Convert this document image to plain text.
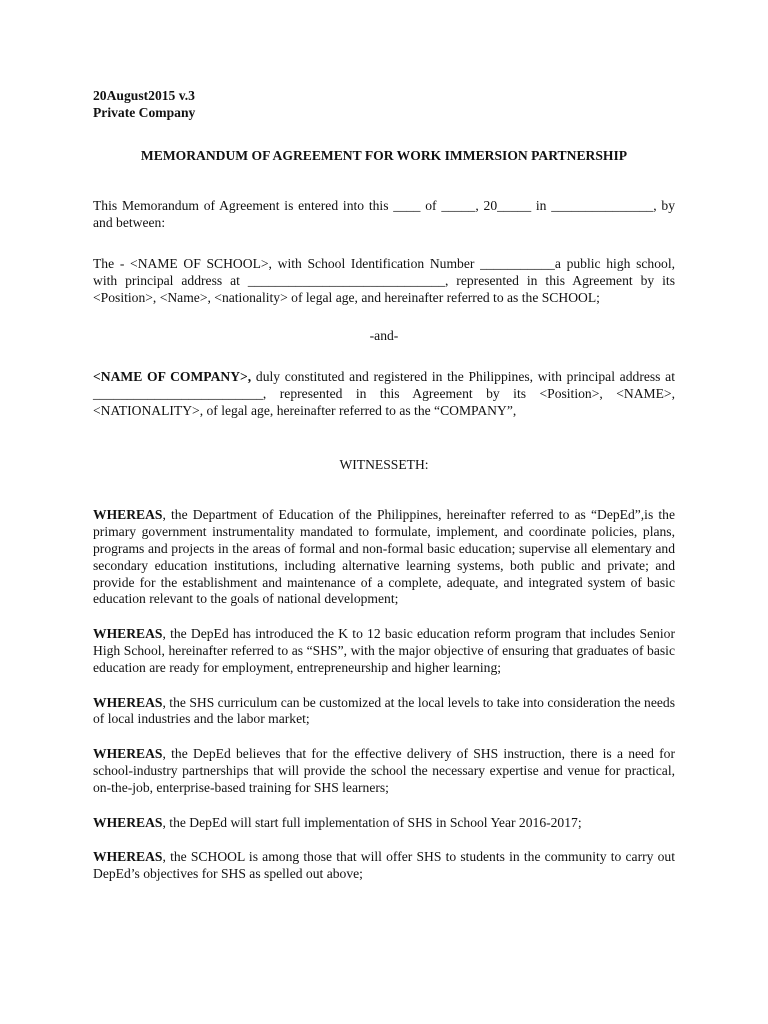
20August2015 v.3
Private Company
MEMORANDUM OF AGREEMENT FOR WORK IMMERSION PARTNERSHIP
This Memorandum of Agreement is entered into this ____ of _____, 20_____ in _______________, by and between:
The - <NAME OF SCHOOL>, with School Identification Number ___________a public high school, with principal address at _____________________________, represented in this Agreement by its <Position>, <Name>, <nationality> of legal age, and hereinafter referred to as the SCHOOL;
-and-
<NAME OF COMPANY>, duly constituted and registered in the Philippines, with principal address at _________________________, represented in this Agreement by its <Position>, <NAME>, <NATIONALITY>, of legal age, hereinafter referred to as the “COMPANY”,
WITNESSETH:
WHEREAS, the Department of Education of the Philippines, hereinafter referred to as “DepEd”,is the primary government instrumentality mandated to formulate, implement, and coordinate policies, plans, programs and projects in the areas of formal and non-formal basic education; supervise all elementary and secondary education institutions, including alternative learning systems, both public and private; and provide for the establishment and maintenance of a complete, adequate, and integrated system of basic education relevant to the goals of national development;
WHEREAS, the DepEd has introduced the K to 12 basic education reform program that includes Senior High School, hereinafter referred to as “SHS”, with the major objective of ensuring that graduates of basic education are ready for employment, entrepreneurship and higher learning;
WHEREAS, the SHS curriculum can be customized at the local levels to take into consideration the needs of local industries and the labor market;
WHEREAS, the DepEd believes that for the effective delivery of SHS instruction, there is a need for school-industry partnerships that will provide the school the necessary expertise and venue for practical, on-the-job, enterprise-based training for SHS learners;
WHEREAS, the DepEd will start full implementation of SHS in School Year 2016-2017;
WHEREAS, the SCHOOL is among those that will offer SHS to students in the community to carry out DepEd’s objectives for SHS as spelled out above;
